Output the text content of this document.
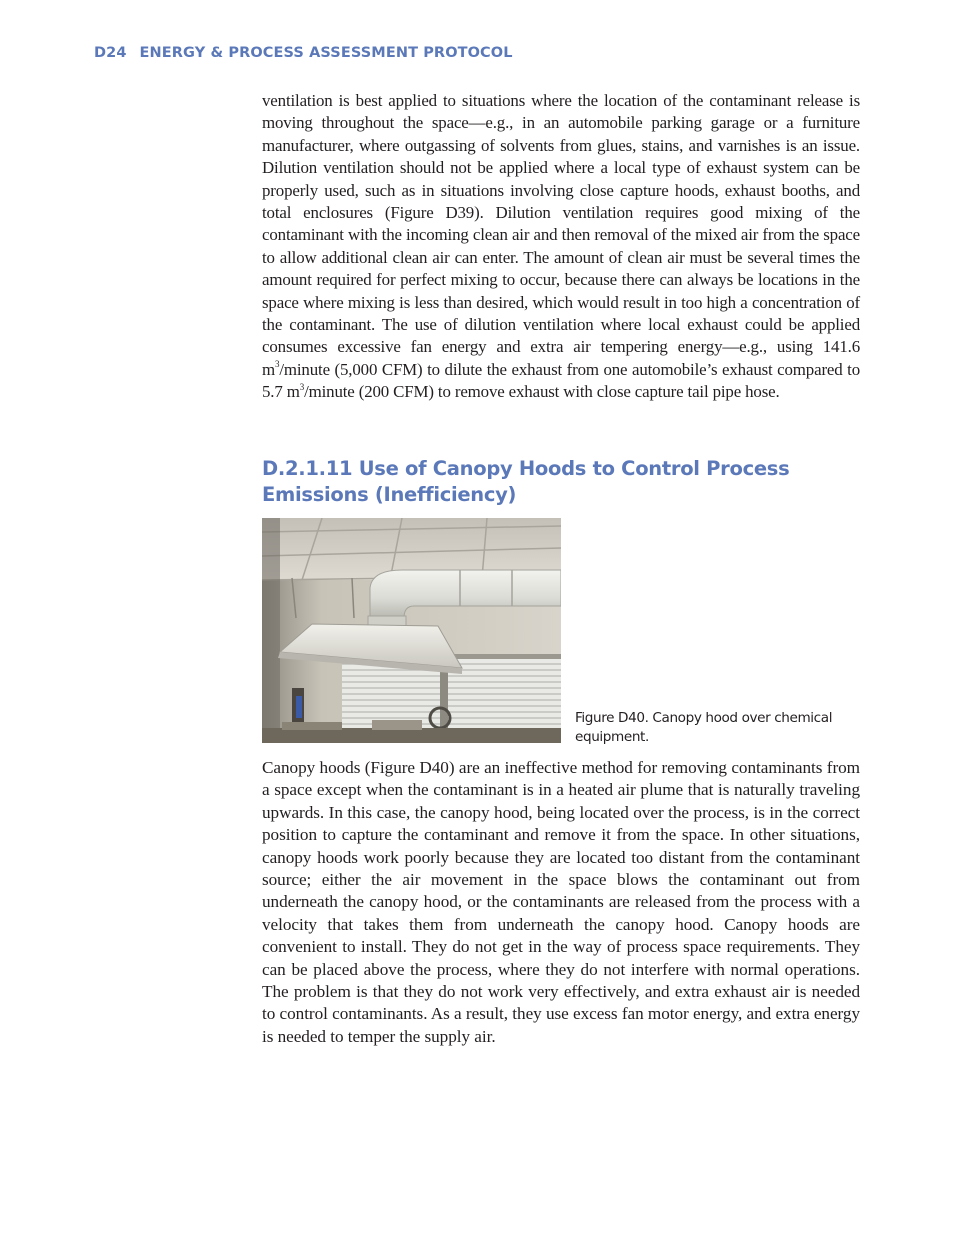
D24 ENERGY & PROCESS ASSESSMENT PROTOCOL

ventilation is best applied to situations where the location of the contaminant release is moving throughout the space—e.g., in an automobile parking garage or a furniture manufacturer, where outgassing of solvents from glues, stains, and varnishes is an issue. Dilution ventilation should not be applied where a local type of exhaust system can be properly used, such as in situations involving close capture hoods, exhaust booths, and total enclosures (Figure D39). Dilution ventilation requires good mixing of the contaminant with the incoming clean air and then removal of the mixed air from the space to allow additional clean air can enter. The amount of clean air must be several times the amount required for perfect mixing to occur, because there can always be locations in the space where mixing is less than desired, which would result in too high a concentration of the contaminant. The use of dilution ventilation where local exhaust could be applied consumes excessive fan energy and extra air tempering energy—e.g., using 141.6 $m^3$/minute (5,000 CFM) to dilute the exhaust from one automobile’s exhaust compared to 5.7 $m^3$/minute (200 CFM) to remove exhaust with close capture tail pipe hose.

D.2.1.11 Use of Canopy Hoods to Control Process Emissions (Inefficiency)

Figure D40. Canopy hood over chemical equipment.

Canopy hoods (Figure D40) are an ineffective method for removing contaminants from a space except when the contaminant is in a heated air plume that is naturally traveling upwards. In this case, the canopy hood, being located over the process, is in the correct position to capture the contaminant and remove it from the space. In other situations, canopy hoods work poorly because they are located too distant from the contaminant source; either the air movement in the space blows the contaminant out from underneath the canopy hood, or the contaminants are released from the process with a velocity that takes them from underneath the canopy hood. Canopy hoods are convenient to install. They do not get in the way of process space requirements. They can be placed above the process, where they do not interfere with normal operations. The problem is that they do not work very effectively, and extra exhaust air is needed to control contaminants. As a result, they use excess fan motor energy, and extra energy is needed to temper the supply air.
